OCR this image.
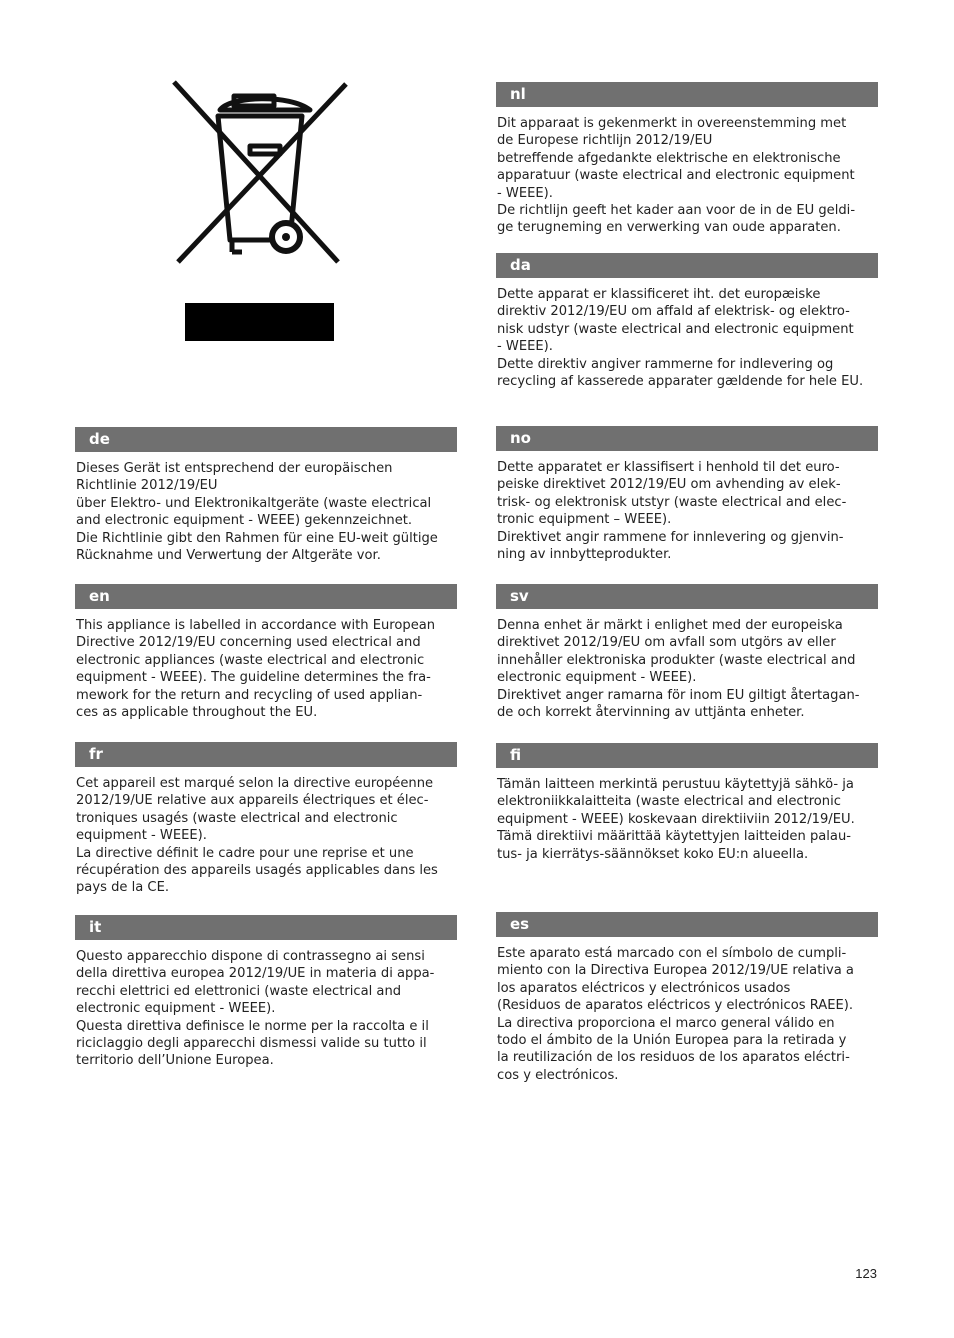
nl
Dit apparaat is gekenmerkt in overeenstemming met
de Europese richtlijn 2012/19/EU
betreffende afgedankte elektrische en elektronische
apparatuur (waste electrical and electronic equipment
- WEEE).
De richtlijn geeft het kader aan voor de in de EU geldi-
ge terugneming en verwerking van oude apparaten.
da
Dette apparat er klassificeret iht. det europæiske
direktiv 2012/19/EU om affald af elektrisk- og elektro-
nisk udstyr (waste electrical and electronic equipment
- WEEE).
Dette direktiv angiver rammerne for indlevering og
recycling af kasserede apparater gældende for hele EU.
no
Dette apparatet er klassifisert i henhold til det euro-
peiske direktivet 2012/19/EU om avhending av elek-
trisk- og elektronisk utstyr (waste electrical and elec-
tronic equipment – WEEE).
Direktivet angir rammene for innlevering og gjenvin-
ning av innbytteprodukter.
sv
Denna enhet är märkt i enlighet med der europeiska
direktivet 2012/19/EU om avfall som utgörs av eller
innehåller elektroniska produkter (waste electrical and
electronic equipment - WEEE).
Direktivet anger ramarna för inom EU giltigt återtagan-
de och korrekt återvinning av uttjänta enheter.
fi
Tämän laitteen merkintä perustuu käytettyjä sähkö- ja
elektroniikkalaitteita (waste electrical and electronic
equipment - WEEE) koskevaan direktiiviin 2012/19/EU.
Tämä direktiivi määrittää käytettyjen laitteiden palau-
tus- ja kierrätys-säännökset koko EU:n alueella.
es
Este aparato está marcado con el símbolo de cumpli-
miento con la Directiva Europea 2012/19/UE relativa a
los aparatos eléctricos y electrónicos usados
(Residuos de aparatos eléctricos y electrónicos RAEE).
La directiva proporciona el marco general válido en
todo el ámbito de la Unión Europea para la retirada y
la reutilización de los residuos de los aparatos eléctri-
cos y electrónicos.
de
Dieses Gerät ist entsprechend der europäischen
Richtlinie 2012/19/EU
über Elektro- und Elektronikaltgeräte (waste electrical
and electronic equipment - WEEE) gekennzeichnet.
Die Richtlinie gibt den Rahmen für eine EU-weit gültige
Rücknahme und Verwertung der Altgeräte vor.
en
This appliance is labelled in accordance with European
Directive 2012/19/EU concerning used electrical and
electronic appliances (waste electrical and electronic
equipment - WEEE). The guideline determines the fra-
mework for the return and recycling of used applian-
ces as applicable throughout the EU.
fr
Cet appareil est marqué selon la directive européenne
2012/19/UE relative aux appareils électriques et élec-
troniques usagés (waste electrical and electronic
equipment - WEEE).
La directive définit le cadre pour une reprise et une
récupération des appareils usagés applicables dans les
pays de la CE.
it
Questo apparecchio dispone di contrassegno ai sensi
della direttiva europea 2012/19/UE in materia di appa-
recchi elettrici ed elettronici (waste electrical and
electronic equipment - WEEE).
Questa direttiva definisce le norme per la raccolta e il
riciclaggio degli apparecchi dismessi valide su tutto il
territorio dell’Unione Europea.
123
